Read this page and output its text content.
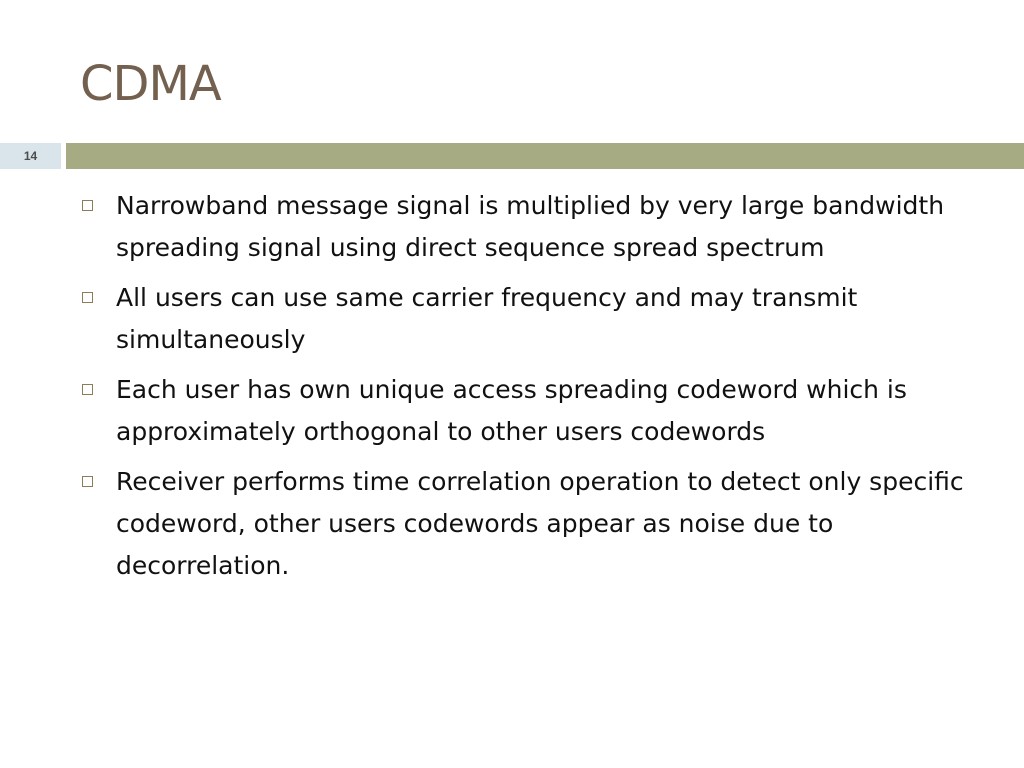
CDMA
14
Narrowband message signal is multiplied by very large bandwidth spreading signal using direct sequence spread spectrum
All users can use same carrier frequency and may transmit simultaneously
Each user has own unique access spreading codeword which is approximately orthogonal to other users codewords
Receiver performs time correlation operation to detect only specific codeword, other users codewords appear as noise due to decorrelation.
